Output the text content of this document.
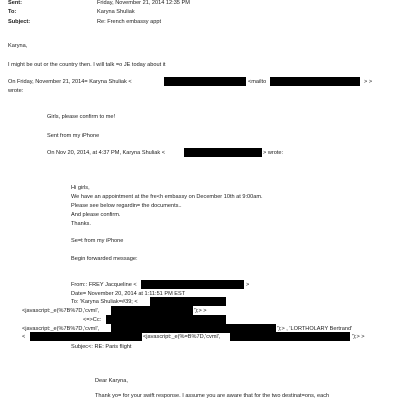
Sent:	Friday, November 21, 2014 12:35 PM
To:	Karyna Shuliak
Subject:	Re: French embassy appt
Karyna,
I might be out or the country then. I will talk =o JE today about it
On Friday, November 21, 2014= Karyna Shuliak <	<mailto	> >
wrote:
Girls, please confirm to me!
Sent from my iPhone
On Nov 20, 2014, at 4:37 PM, Karyna Shuliak <	> wrote:
Hi girls,
We have an appointment at the fre<h embassy on December 10th at 9:00am.
Please see below regardin= the documents..
And please confirm.
Thanks.
Se=t from my iPhone
Begin forwarded message:
From:: FREY Jacqueline <	>
Date= November 20, 2014 at 1:11:51 PM EST
To: 'Karyna Shuliak=#39; <
<javascript:_e(%7B%7D,'cvml',	');> >
<=>Cc:
<javascript:_e(%7B%7D,'cvml',	');> , 'LORTHOLARY Bertrand'
<	<javascript:_e(%=B%7D,'cvml',	');> >
Subjec<: RE: Paris flight
Dear Karyna,
Thank yo= for your swift response. I assume you are aware that for the two destinat=ons, each
